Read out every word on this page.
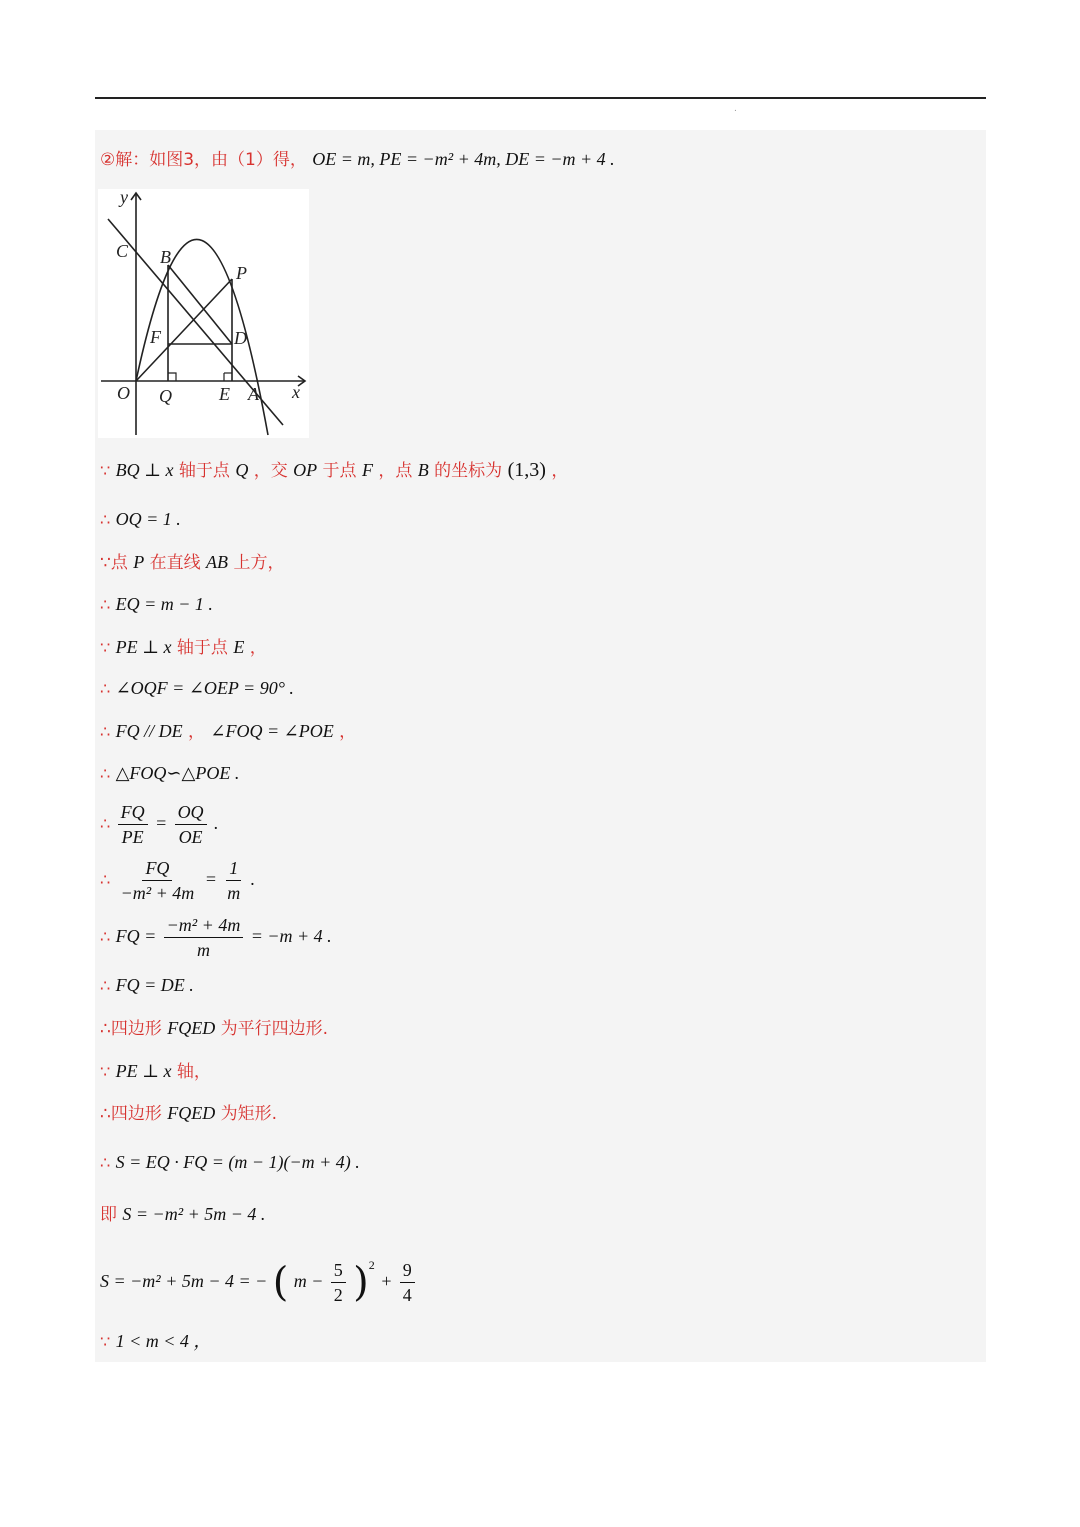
.
②解：如图3，由（1）得， OE = m, PE = −m² + 4m, DE = −m + 4 .
y
x
C B
P
F	D
O Q	E A
∵ BQ ⊥ x 轴于点 Q ，交 OP 于点 F ，点 B 的坐标为 (1,3) ，
∴ OQ = 1 .
∵点 P 在直线 AB 上方，
∴ EQ = m − 1 .
∵ PE ⊥ x 轴于点 E ，
∴ ∠OQF = ∠OEP = 90° .
∴ FQ // DE ， ∠FOQ = ∠POE ，
∴ △FOQ∽△POE .
∴ $\frac{FQ}{PE} = \frac{OQ}{OE}$ .
∴ $\frac{FQ}{\text{−m² + 4m}} = \frac{1}{m}$ .
∴ FQ = $\frac{\text{−m² + 4m}}{m} = -m + 4$ .
∴ FQ = DE .
∴四边形 FQED 为平行四边形.
∵ PE ⊥ x 轴，
∴四边形 FQED 为矩形.
∴ S = EQ · FQ = (m − 1)(−m + 4) .
即 S = −m² + 5m − 4 .
S = −m² + 5m − 4 = − ( $m - \frac{5}{2} )^2 + \frac{9}{4}$
∵ 1 < m < 4 ，
